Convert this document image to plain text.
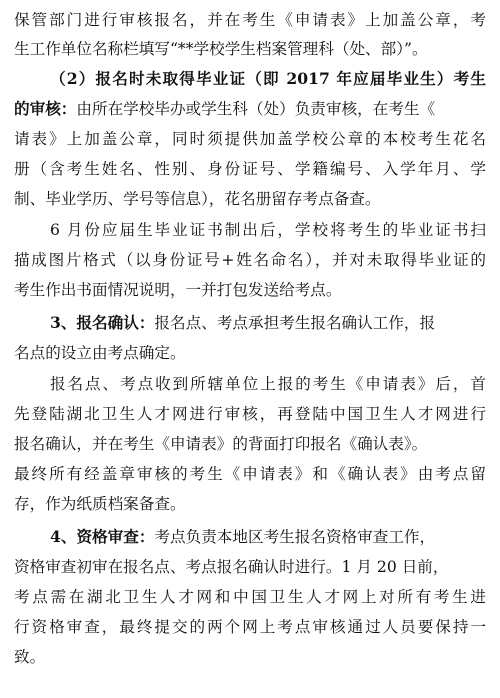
保管部门进行审核报名，并在考生《申请表》上加盖公章，考
生工作单位名称栏填写“**学校学生档案管理科（处、部）”。
（2）报名时未取得毕业证（即 2017 年应届毕业生）考生
的审核：由所在学校毕办或学生科（处）负责审核，在考生《
请表》上加盖公章，同时须提供加盖学校公章的本校考生花名
册（含考生姓名、性别、身份证号、学籍编号、入学年月、学
制、毕业学历、学号等信息），花名册留存考点备查。
6 月份应届生毕业证书制出后，学校将考生的毕业证书扫
描成图片格式（以身份证号+姓名命名），并对未取得毕业证的
考生作出书面情况说明，一并打包发送给考点。
3、报名确认：报名点、考点承担考生报名确认工作，报
名点的设立由考点确定。
报名点、考点收到所辖单位上报的考生《申请表》后，首
先登陆湖北卫生人才网进行审核，再登陆中国卫生人才网进行
报名确认，并在考生《申请表》的背面打印报名《确认表》。
最终所有经盖章审核的考生《申请表》和《确认表》由考点留
存，作为纸质档案备查。
4、资格审查：考点负责本地区考生报名资格审查工作，
资格审查初审在报名点、考点报名确认时进行。1 月 20 日前，
考点需在湖北卫生人才网和中国卫生人才网上对所有考生进
行资格审查，最终提交的两个网上考点审核通过人员要保持一
致。
